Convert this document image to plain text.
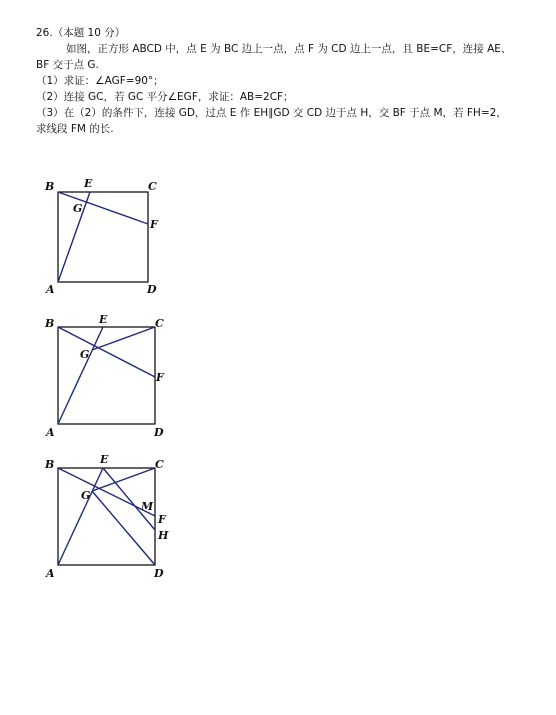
26.（本题 10 分）

如图，正方形 ABCD 中，点 E 为 BC 边上一点，点 F 为 CD 边上一点，且 BE=CF，连接 AE、

BF 交于点 G.

（1）求证：∠AGF=90°；

（2）连接 GC，若 GC 平分∠EGF，求证：AB=2CF；

（3）在（2）的条件下，连接 GD，过点 E 作 EH∥GD 交 CD 边于点 H，交 BF 于点 M，若 FH=2，

求线段 FM 的长.

B	E	C
G
F
A	D
B	E	C
G
F
A	D
B	E	C
G
M
F
H
A	D
